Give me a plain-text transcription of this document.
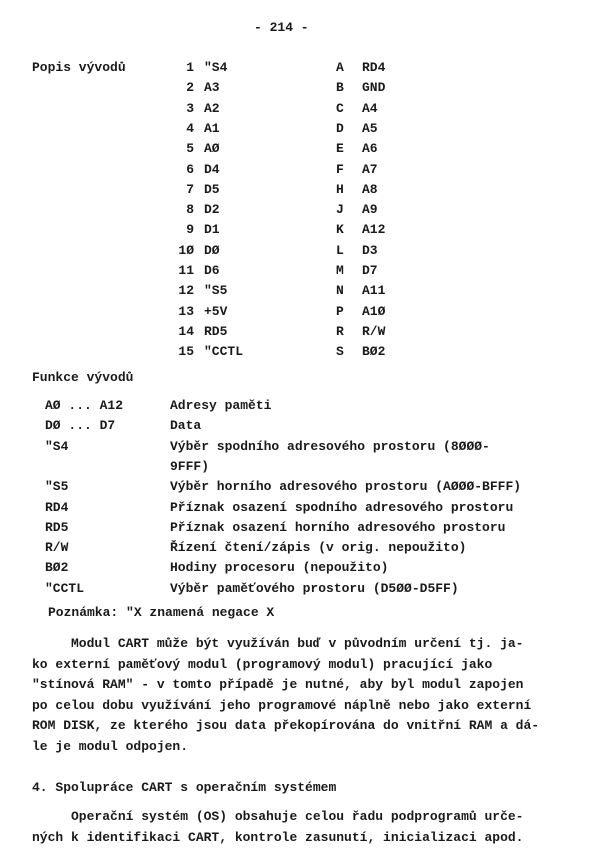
- 214 -
Popis vývodů	1 "S4	A RD4
2 A3	B GND
3 A2	C A4
4 A1	D A5
5 AØ	E A6
6 D4	F A7
7 D5	H A8
8 D2	J A9
9 D1	K A12
1Ø DØ	L D3
11 D6	M D7
12 "S5	N A11
13 +5V	P A1Ø
14 RD5	R R/W
15 "CCTL	S BØ2
Funkce vývodů
AØ ... A12	Adresy paměti
DØ ... D7	Data
"S4	Výběr spodního adresového prostoru (8ØØØ-
9FFF)
"S5	Výběr horního adresového prostoru (AØØØ-BFFF)
RD4	Příznak osazení spodního adresového prostoru
RD5	Příznak osazení horního adresového prostoru
R/W	Řízení čtení/zápis (v orig. nepoužito)
BØ2	Hodiny procesoru (nepoužito)
"CCTL	Výběr paměťového prostoru (D5ØØ-D5FF)
Poznámka: "X znamená negace X
Modul CART může být využíván buď v původním určení tj. ja-
ko externí paměťový modul (programový modul) pracující jako
"stínová RAM" - v tomto případě je nutné, aby byl modul zapojen
po celou dobu využívání jeho programové náplně nebo jako externí
ROM DISK, ze kterého jsou data překopírována do vnitřní RAM a dá-
le je modul odpojen.
4. Spolupráce CART s operačním systémem
Operační systém (OS) obsahuje celou řadu podprogramů urče-
ných k identifikaci CART, kontrole zasunutí, inicializaci apod.
